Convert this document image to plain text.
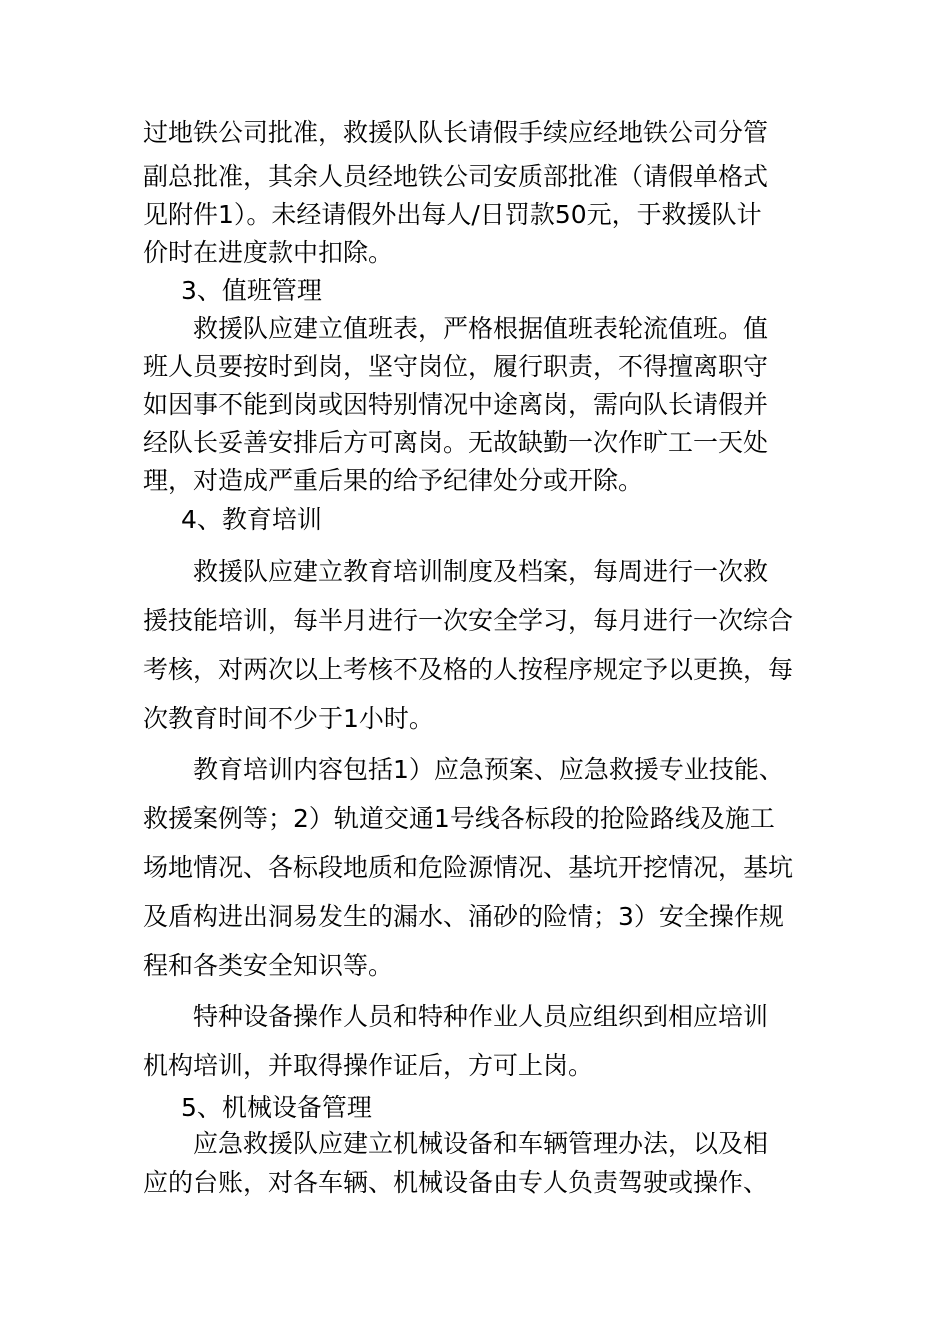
过地铁公司批准，救援队队长请假手续应经地铁公司分管
副总批准，其余人员经地铁公司安质部批准（请假单格式
见附件1）。未经请假外出每人/日罚款50元，于救援队计
价时在进度款中扣除。
3、值班管理
救援队应建立值班表，严格根据值班表轮流值班。值
班人员要按时到岗，坚守岗位，履行职责，不得擅离职守
如因事不能到岗或因特别情况中途离岗，需向队长请假并
经队长妥善安排后方可离岗。无故缺勤一次作旷工一天处
理，对造成严重后果的给予纪律处分或开除。
4、教育培训
救援队应建立教育培训制度及档案，每周进行一次救
援技能培训，每半月进行一次安全学习，每月进行一次综合
考核，对两次以上考核不及格的人按程序规定予以更换，每
次教育时间不少于1小时。
教育培训内容包括1）应急预案、应急救援专业技能、
救援案例等；2）轨道交通1号线各标段的抢险路线及施工
场地情况、各标段地质和危险源情况、基坑开挖情况，基坑
及盾构进出洞易发生的漏水、涌砂的险情；3）安全操作规
程和各类安全知识等。
特种设备操作人员和特种作业人员应组织到相应培训
机构培训，并取得操作证后，方可上岗。
5、机械设备管理
应急救援队应建立机械设备和车辆管理办法，以及相
应的台账，对各车辆、机械设备由专人负责驾驶或操作、
